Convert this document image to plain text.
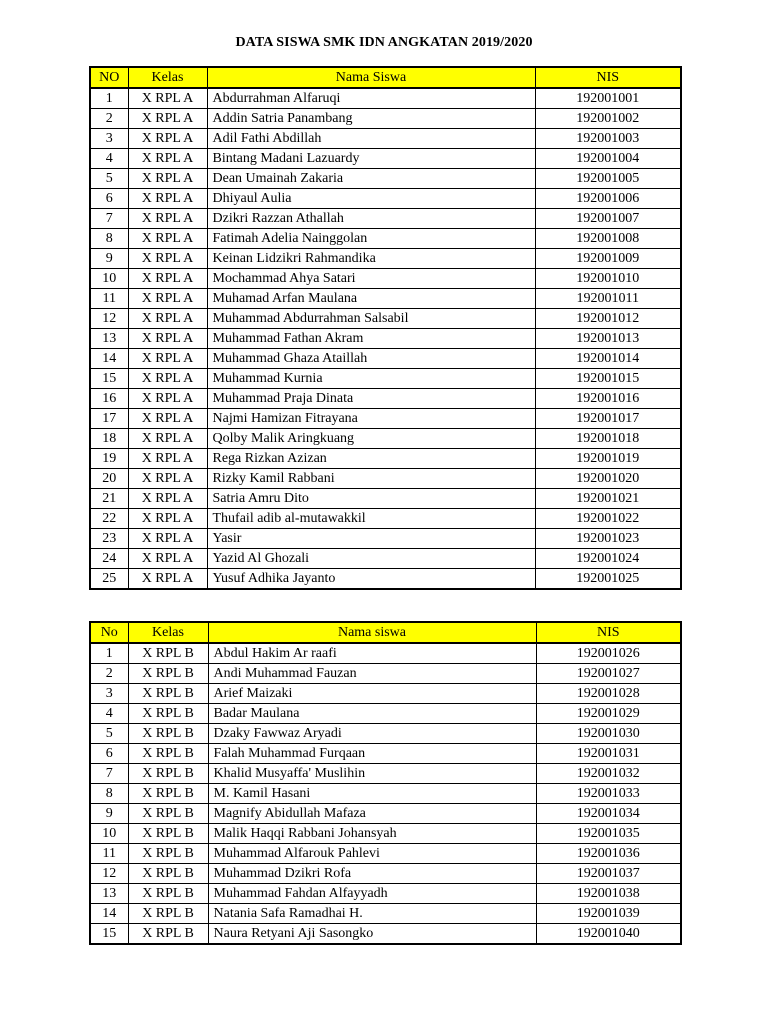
DATA SISWA SMK IDN ANGKATAN 2019/2020
NO	Kelas	Nama Siswa	NIS
1	X RPL A	Abdurrahman Alfaruqi	192001001
2	X RPL A	Addin Satria Panambang	192001002
3	X RPL A	Adil Fathi Abdillah	192001003
4	X RPL A	Bintang Madani Lazuardy	192001004
5	X RPL A	Dean Umainah Zakaria	192001005
6	X RPL A	Dhiyaul Aulia	192001006
7	X RPL A	Dzikri Razzan Athallah	192001007
8	X RPL A	Fatimah Adelia Nainggolan	192001008
9	X RPL A	Keinan Lidzikri Rahmandika	192001009
10	X RPL A	Mochammad Ahya Satari	192001010
11	X RPL A	Muhamad Arfan Maulana	192001011
12	X RPL A	Muhammad Abdurrahman Salsabil	192001012
13	X RPL A	Muhammad Fathan Akram	192001013
14	X RPL A	Muhammad Ghaza Ataillah	192001014
15	X RPL A	Muhammad Kurnia	192001015
16	X RPL A	Muhammad Praja Dinata	192001016
17	X RPL A	Najmi Hamizan Fitrayana	192001017
18	X RPL A	Qolby Malik Aringkuang	192001018
19	X RPL A	Rega Rizkan Azizan	192001019
20	X RPL A	Rizky Kamil Rabbani	192001020
21	X RPL A	Satria Amru Dito	192001021
22	X RPL A	Thufail adib al-mutawakkil	192001022
23	X RPL A	Yasir	192001023
24	X RPL A	Yazid Al Ghozali	192001024
25	X RPL A	Yusuf Adhika Jayanto	192001025
No	Kelas	Nama siswa	NIS
1	X RPL B	Abdul Hakim Ar raafi	192001026
2	X RPL B	Andi Muhammad Fauzan	192001027
3	X RPL B	Arief Maizaki	192001028
4	X RPL B	Badar Maulana	192001029
5	X RPL B	Dzaky Fawwaz Aryadi	192001030
6	X RPL B	Falah Muhammad Furqaan	192001031
7	X RPL B	Khalid Musyaffa' Muslihin	192001032
8	X RPL B	M. Kamil Hasani	192001033
9	X RPL B	Magnify Abidullah Mafaza	192001034
10	X RPL B	Malik Haqqi Rabbani Johansyah	192001035
11	X RPL B	Muhammad Alfarouk Pahlevi	192001036
12	X RPL B	Muhammad Dzikri Rofa	192001037
13	X RPL B	Muhammad Fahdan Alfayyadh	192001038
14	X RPL B	Natania Safa Ramadhai H.	192001039
15	X RPL B	Naura Retyani Aji Sasongko	192001040
